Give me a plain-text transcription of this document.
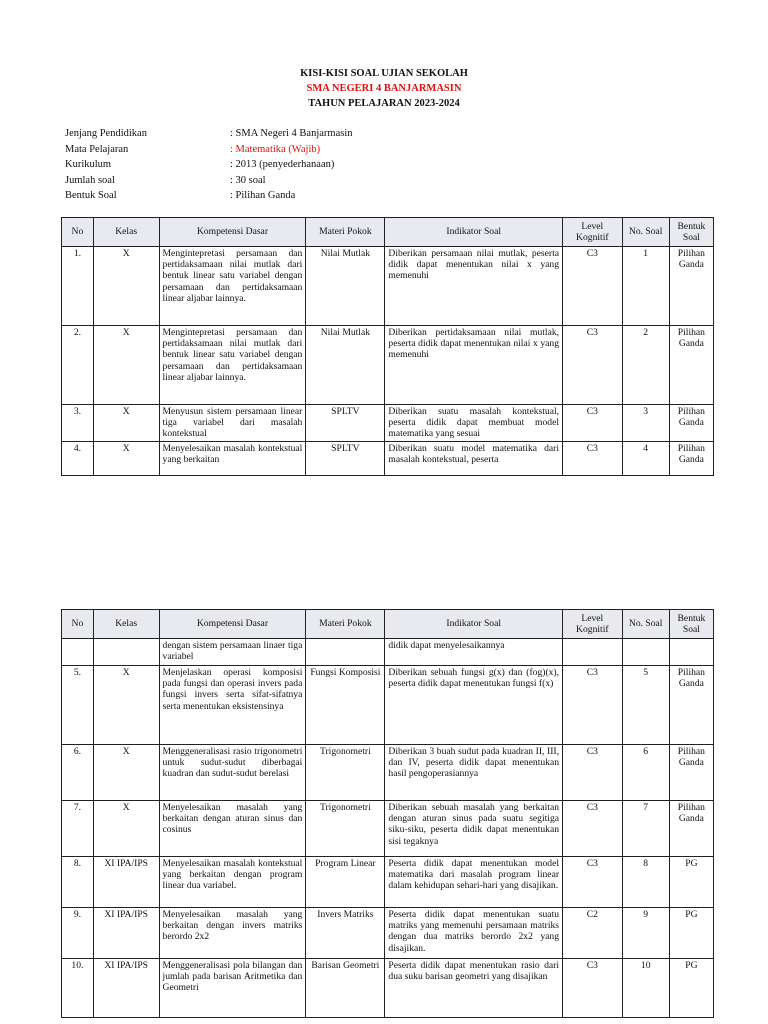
KISI-KISI SOAL UJIAN SEKOLAH
SMA NEGERI 4 BANJARMASIN
TAHUN PELAJARAN 2023-2024
Jenjang Pendidikan	: SMA Negeri 4 Banjarmasin
Mata Pelajaran	: Matematika (Wajib)
Kurikulum	: 2013 (penyederhanaan)
Jumlah soal	: 30 soal
Bentuk Soal	: Pilihan Ganda
No	Kelas	Kompetensi Dasar	Materi Pokok	Indikator Soal	Level Kognitif	No. Soal	Bentuk Soal
1.	X	Mengintepretasi persamaan dan pertidaksamaan nilai mutlak dari bentuk linear satu variabel dengan persamaan dan pertidaksamaan linear aljabar lainnya.	Nilai Mutlak	Diberikan persamaan nilai mutlak, peserta didik dapat menentukan nilai x yang memenuhi	C3	1	Pilihan Ganda
2.	X	Mengintepretasi persamaan dan pertidaksamaan nilai mutlak dari bentuk linear satu variabel dengan persamaan dan pertidaksamaan linear aljabar lainnya.	Nilai Mutlak	Diberikan pertidaksamaan nilai mutlak, peserta didik dapat menentukan nilai x yang memenuhi	C3	2	Pilihan Ganda
3.	X	Menyusun sistem persamaan linear tiga variabel dari masalah kontekstual	SPLTV	Diberikan suatu masalah kontekstual, peserta didik dapat membuat model matematika yang sesuai	C3	3	Pilihan Ganda
4.	X	Menyelesaikan masalah kontekstual yang berkaitan	SPLTV	Diberikan suatu model matematika dari masalah kontekstual, peserta	C3	4	Pilihan Ganda
No	Kelas	Kompetensi Dasar	Materi Pokok	Indikator Soal	Level Kognitif	No. Soal	Bentuk Soal
		dengan sistem persamaan linaer tiga variabel		didik dapat menyelesaikannya			
5.	X	Menjelaskan operasi komposisi pada fungsi dan operasi invers pada fungsi invers serta sifat-sifatnya serta menentukan eksistensinya	Fungsi Komposisi	Diberikan sebuah fungsi g(x) dan (fog)(x), peserta didik dapat menentukan fungsi f(x)	C3	5	Pilihan Ganda
6.	X	Menggeneralisasi rasio trigonometri untuk sudut-sudut diberbagai kuadran dan sudut-sudut berelasi	Trigonometri	Diberikan 3 buah sudut pada kuadran II, III, dan IV, peserta didik dapat menentukan hasil pengoperasiannya	C3	6	Pilihan Ganda
7.	X	Menyelesaikan masalah yang berkaitan dengan aturan sinus dan cosinus	Trigonometri	Diberikan sebuah masalah yang berkaitan dengan aturan sinus pada suatu segitiga siku-siku, peserta didik dapat menentukan sisi tegaknya	C3	7	Pilihan Ganda
8.	XI IPA/IPS	Menyelesaikan masalah kontekstual yang berkaitan dengan program linear dua variabel.	Program Linear	Peserta didik dapat menentukan model matematika dari masalah program linear dalam kehidupan sehari-hari yang disajikan.	C3	8	PG
9.	XI IPA/IPS	Menyelesaikan masalah yang berkaitan dengan invers matriks berordo 2x2	Invers Matriks	Peserta didik dapat menentukan suatu matriks yang memenuhi persamaan matriks dengan dua matriks berordo 2x2 yang disajikan.	C2	9	PG
10.	XI IPA/IPS	Menggeneralisasi pola bilangan dan jumlah pada barisan Aritmetika dan Geometri	Barisan Geometri	Peserta didik dapat menentukan rasio dari dua suku barisan geometri yang disajikan	C3	10	PG
